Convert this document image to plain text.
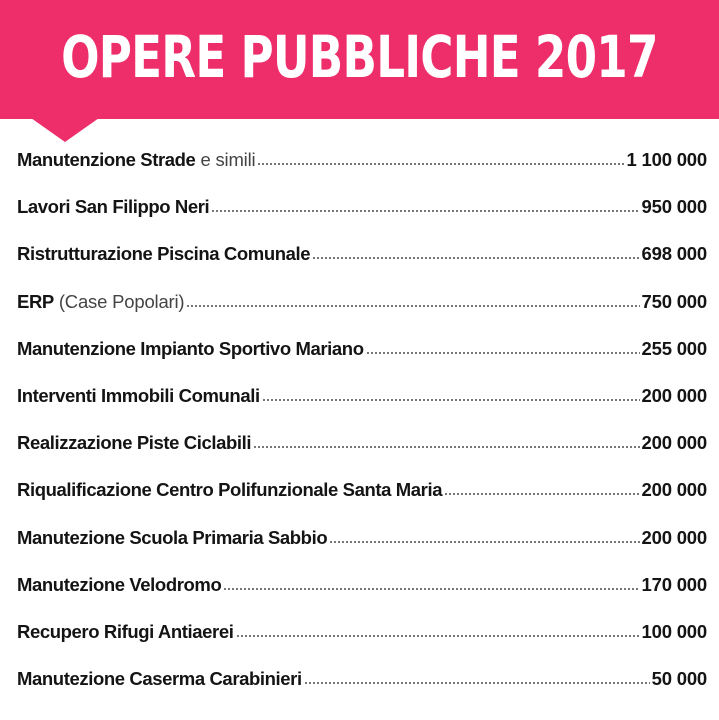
OPERE PUBBLICHE 2017
Manutenzione Strade e simili	1 100 000
Lavori San Filippo Neri	950 000
Ristrutturazione Piscina Comunale	698 000
ERP (Case Popolari)	750 000
Manutenzione Impianto Sportivo Mariano	255 000
Interventi Immobili Comunali	200 000
Realizzazione Piste Ciclabili	200 000
Riqualificazione Centro Polifunzionale Santa Maria	200 000
Manutezione Scuola Primaria Sabbio	200 000
Manutezione Velodromo	170 000
Recupero Rifugi Antiaerei	100 000
Manutezione Caserma Carabinieri	50 000
